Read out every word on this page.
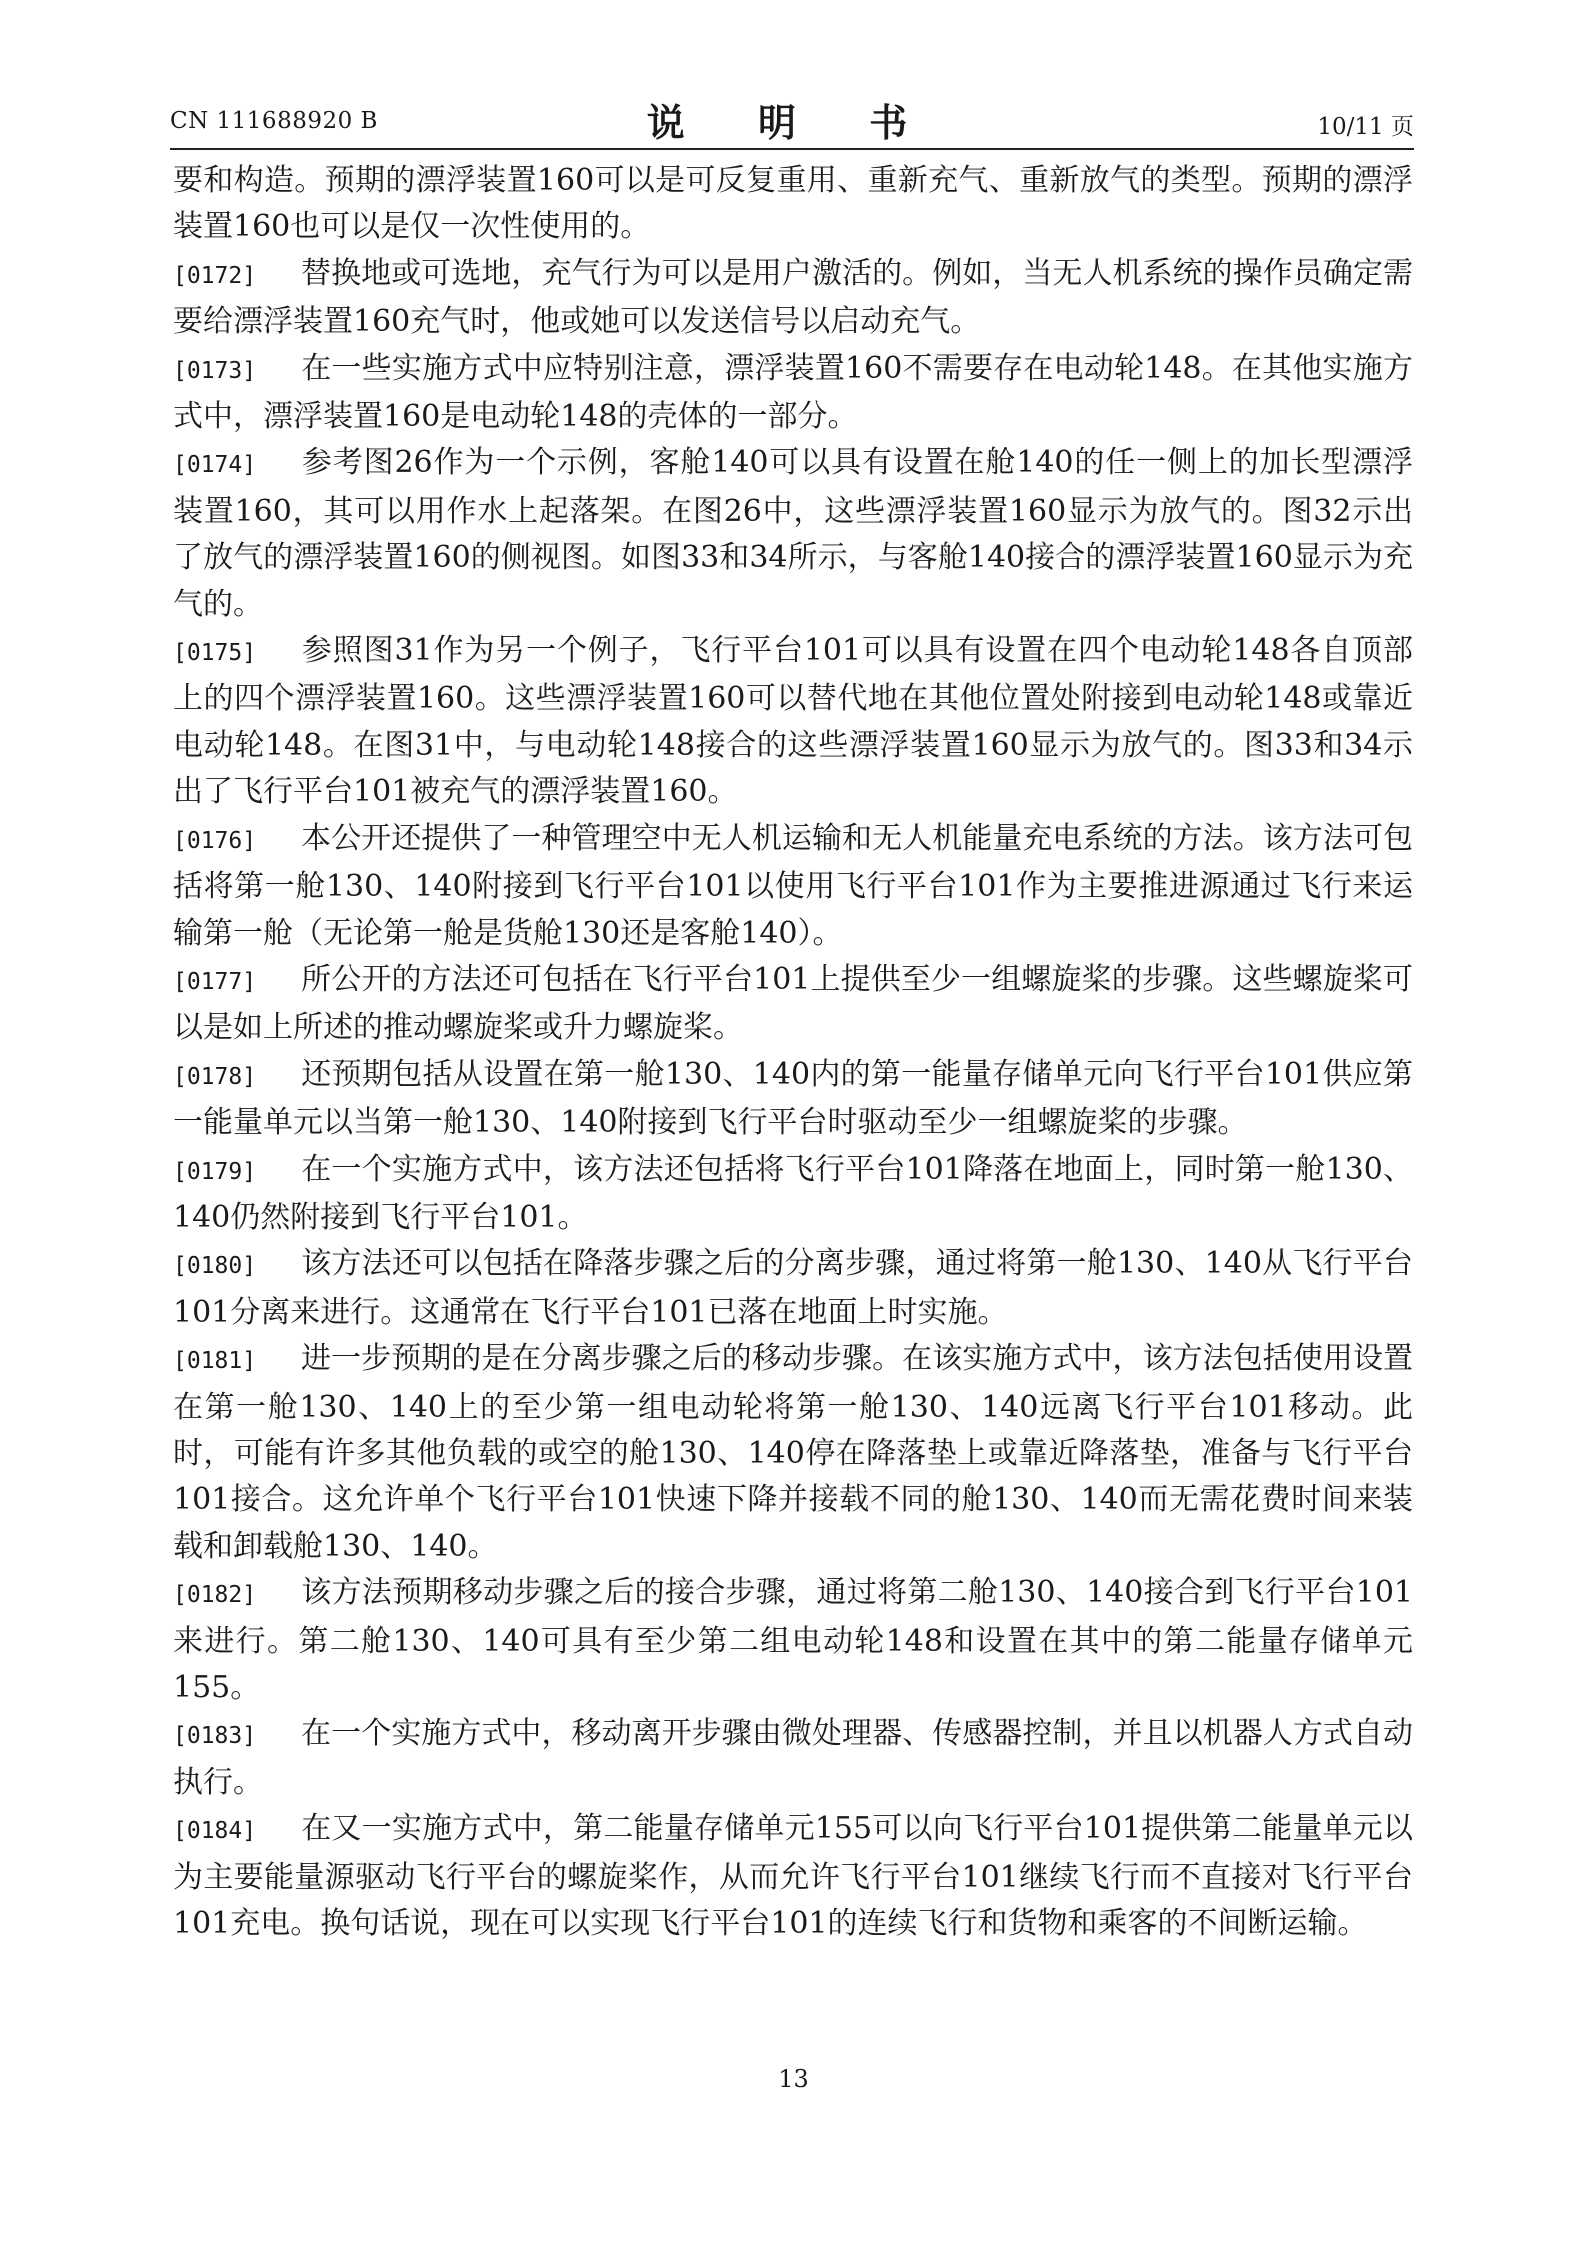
CN 111688920 B	说 明 书	10/11 页

要和构造。预期的漂浮装置160可以是可反复重用、重新充气、重新放气的类型。预期的漂浮装置160也可以是仅一次性使用的。

[0172] 替换地或可选地，充气行为可以是用户激活的。例如，当无人机系统的操作员确定需要给漂浮装置160充气时，他或她可以发送信号以启动充气。

[0173] 在一些实施方式中应特别注意，漂浮装置160不需要存在电动轮148。在其他实施方式中，漂浮装置160是电动轮148的壳体的一部分。

[0174] 参考图26作为一个示例，客舱140可以具有设置在舱140的任一侧上的加长型漂浮装置160，其可以用作水上起落架。在图26中，这些漂浮装置160显示为放气的。图32示出了放气的漂浮装置160的侧视图。如图33和34所示，与客舱140接合的漂浮装置160显示为充气的。

[0175] 参照图31作为另一个例子，飞行平台101可以具有设置在四个电动轮148各自顶部上的四个漂浮装置160。这些漂浮装置160可以替代地在其他位置处附接到电动轮148或靠近电动轮148。在图31中，与电动轮148接合的这些漂浮装置160显示为放气的。图33和34示出了飞行平台101被充气的漂浮装置160。

[0176] 本公开还提供了一种管理空中无人机运输和无人机能量充电系统的方法。该方法可包括将第一舱130、140附接到飞行平台101以使用飞行平台101作为主要推进源通过飞行来运输第一舱（无论第一舱是货舱130还是客舱140）。

[0177] 所公开的方法还可包括在飞行平台101上提供至少一组螺旋桨的步骤。这些螺旋桨可以是如上所述的推动螺旋桨或升力螺旋桨。

[0178] 还预期包括从设置在第一舱130、140内的第一能量存储单元向飞行平台101供应第一能量单元以当第一舱130、140附接到飞行平台时驱动至少一组螺旋桨的步骤。

[0179] 在一个实施方式中，该方法还包括将飞行平台101降落在地面上，同时第一舱130、140仍然附接到飞行平台101。

[0180] 该方法还可以包括在降落步骤之后的分离步骤，通过将第一舱130、140从飞行平台101分离来进行。这通常在飞行平台101已落在地面上时实施。

[0181] 进一步预期的是在分离步骤之后的移动步骤。在该实施方式中，该方法包括使用设置在第一舱130、140上的至少第一组电动轮将第一舱130、140远离飞行平台101移动。此时，可能有许多其他负载的或空的舱130、140停在降落垫上或靠近降落垫，准备与飞行平台101接合。这允许单个飞行平台101快速下降并接载不同的舱130、140而无需花费时间来装载和卸载舱130、140。

[0182] 该方法预期移动步骤之后的接合步骤，通过将第二舱130、140接合到飞行平台101来进行。第二舱130、140可具有至少第二组电动轮148和设置在其中的第二能量存储单元155。

[0183] 在一个实施方式中，移动离开步骤由微处理器、传感器控制，并且以机器人方式自动执行。

[0184] 在又一实施方式中，第二能量存储单元155可以向飞行平台101提供第二能量单元以为主要能量源驱动飞行平台的螺旋桨作，从而允许飞行平台101继续飞行而不直接对飞行平台101充电。换句话说，现在可以实现飞行平台101的连续飞行和货物和乘客的不间断运输。

13
